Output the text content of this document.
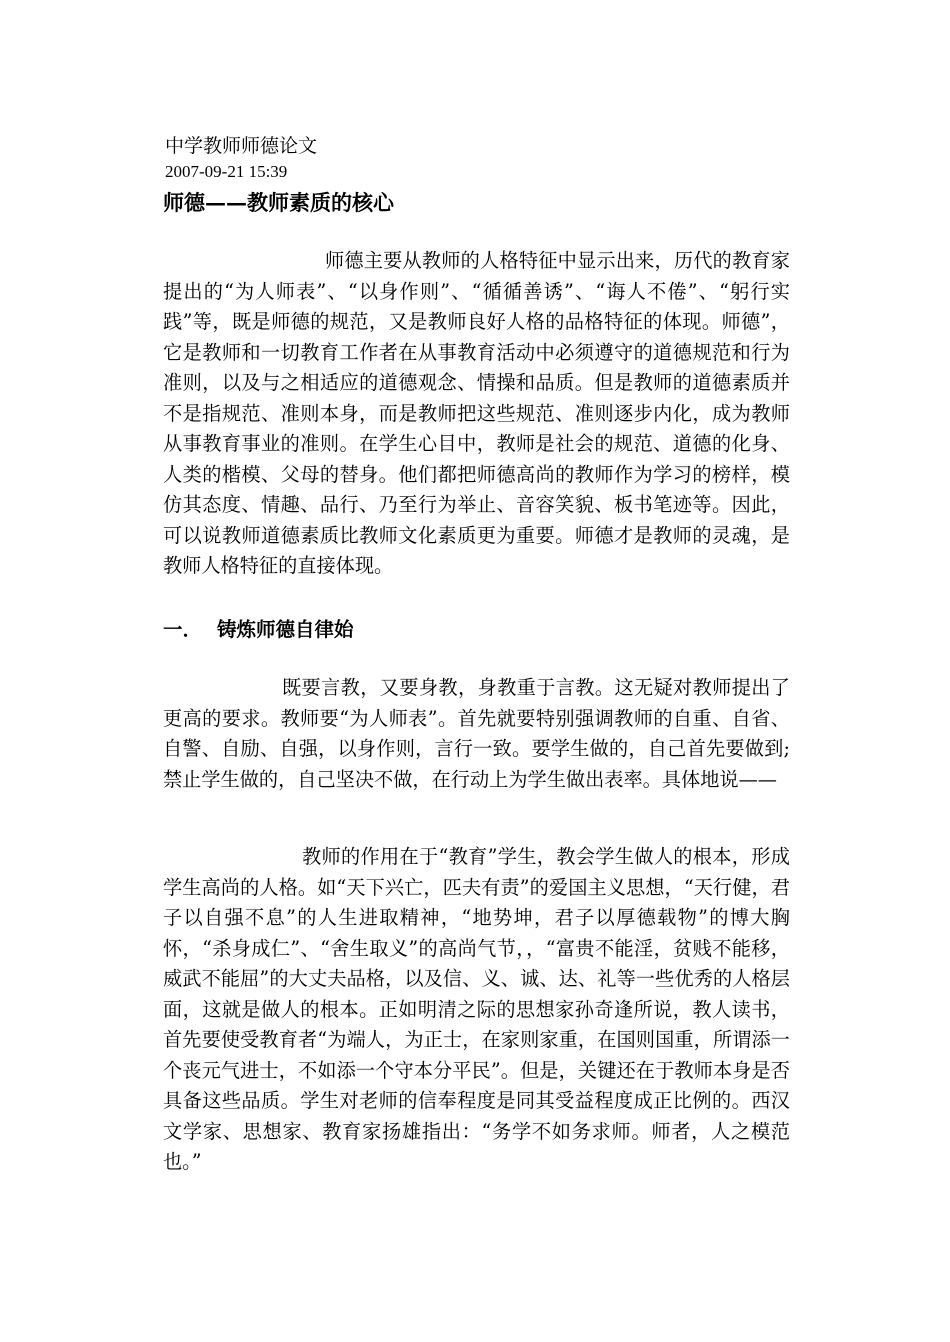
中学教师师德论文
2007-09-21 15:39
师德——教师素质的核心

师德主要从教师的人格特征中显示出来，历代的教育家提出的“为人师表”、“以身作则”、“循循善诱”、“诲人不倦”、“躬行实践”等，既是师德的规范，又是教师良好人格的品格特征的体现。师德”，它是教师和一切教育工作者在从事教育活动中必须遵守的道德规范和行为准则，以及与之相适应的道德观念、情操和品质。但是教师的道德素质并不是指规范、准则本身，而是教师把这些规范、准则逐步内化，成为教师从事教育事业的准则。在学生心目中，教师是社会的规范、道德的化身、人类的楷模、父母的替身。他们都把师德高尚的教师作为学习的榜样，模仿其态度、情趣、品行、乃至行为举止、音容笑貌、板书笔迹等。因此，可以说教师道德素质比教师文化素质更为重要。师德才是教师的灵魂，是教师人格特征的直接体现。

一． 铸炼师德自律始

既要言教，又要身教，身教重于言教。这无疑对教师提出了更高的要求。教师要“为人师表”。首先就要特别强调教师的自重、自省、自警、自励、自强，以身作则，言行一致。要学生做的，自己首先要做到;禁止学生做的，自己坚决不做，在行动上为学生做出表率。具体地说——

教师的作用在于“教育”学生，教会学生做人的根本，形成学生高尚的人格。如“天下兴亡，匹夫有责”的爱国主义思想，“天行健，君子以自强不息”的人生进取精神，“地势坤，君子以厚德载物”的博大胸怀，“杀身成仁”、“舍生取义”的高尚气节，，“富贵不能淫，贫贱不能移，威武不能屈”的大丈夫品格，以及信、义、诚、达、礼等一些优秀的人格层面，这就是做人的根本。正如明清之际的思想家孙奇逢所说，教人读书，首先要使受教育者“为端人，为正士，在家则家重，在国则国重，所谓添一个丧元气进士，不如添一个守本分平民”。但是，关键还在于教师本身是否具备这些品质。学生对老师的信奉程度是同其受益程度成正比例的。西汉文学家、思想家、教育家扬雄指出：“务学不如务求师。师者，人之模范也。”
